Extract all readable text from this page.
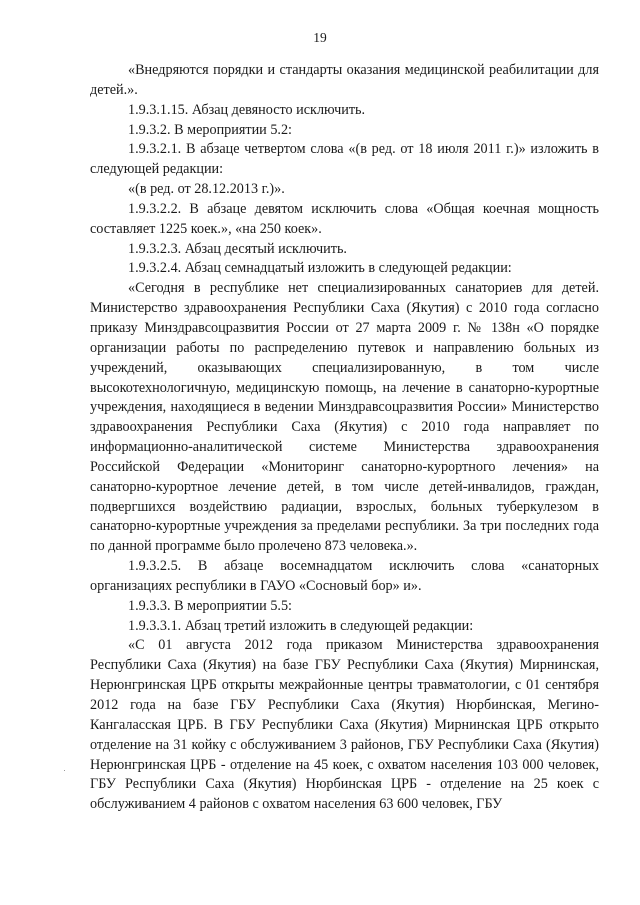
19

«Внедряются порядки и стандарты оказания медицинской реабилитации для детей.».

1.9.3.1.15. Абзац девяносто исключить.

1.9.3.2. В мероприятии 5.2:

1.9.3.2.1. В абзаце четвертом слова «(в ред. от 18 июля 2011 г.)» изложить в следующей редакции:

«(в ред. от 28.12.2013 г.)».

1.9.3.2.2. В абзаце девятом исключить слова «Общая коечная мощность составляет 1225 коек.», «на 250 коек».

1.9.3.2.3. Абзац десятый исключить.

1.9.3.2.4. Абзац семнадцатый изложить в следующей редакции:

«Сегодня в республике нет специализированных санаториев для детей. Министерство здравоохранения Республики Саха (Якутия) с 2010 года согласно приказу Минздравсоцразвития России от 27 марта 2009 г. № 138н «О порядке организации работы по распределению путевок и направлению больных из учреждений, оказывающих специализированную, в том числе высокотехнологичную, медицинскую помощь, на лечение в санаторно-курортные учреждения, находящиеся в ведении Минздравсоцразвития России» Министерство здравоохранения Республики Саха (Якутия) с 2010 года направляет по информационно-аналитической системе Министерства здравоохранения Российской Федерации «Мониторинг санаторно-курортного лечения» на санаторно-курортное лечение детей, в том числе детей-инвалидов, граждан, подвергшихся воздействию радиации, взрослых, больных туберкулезом в санаторно-курортные учреждения за пределами республики. За три последних года по данной программе было пролечено 873 человека.».

1.9.3.2.5. В абзаце восемнадцатом исключить слова «санаторных организациях республики в ГАУО «Сосновый бор» и».

1.9.3.3. В мероприятии 5.5:

1.9.3.3.1. Абзац третий изложить в следующей редакции:

«С 01 августа 2012 года приказом Министерства здравоохранения Республики Саха (Якутия) на базе ГБУ Республики Саха (Якутия) Мирнинская, Нерюнгринская ЦРБ открыты межрайонные центры травматологии, с 01 сентября 2012 года на базе ГБУ Республики Саха (Якутия) Нюрбинская, Мегино-Кангаласская ЦРБ. В ГБУ Республики Саха (Якутия) Мирнинская ЦРБ открыто отделение на 31 койку с обслуживанием 3 районов, ГБУ Республики Саха (Якутия) Нерюнгринская ЦРБ - отделение на 45 коек, с охватом населения 103 000 человек, ГБУ Республики Саха (Якутия) Нюрбинская ЦРБ - отделение на 25 коек с обслуживанием 4 районов с охватом населения 63 600 человек, ГБУ
